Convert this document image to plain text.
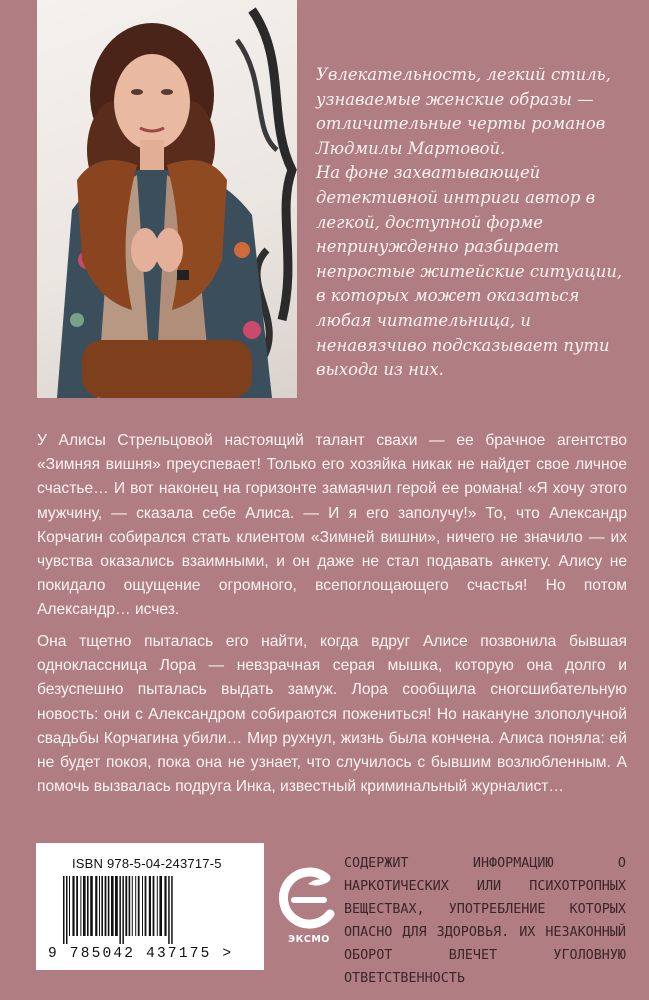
Увлекательность, легкий стиль, узнаваемые женские образы — отличительные черты романов Людмилы Мартовой.

На фоне захватывающей детективной интриги автор в легкой, доступной форме непринужденно разбирает непростые житейские ситуации, в которых может оказаться любая читательница, и ненавязчиво подсказывает пути выхода из них.

У Алисы Стрельцовой настоящий талант свахи — ее брачное агентство «Зимняя вишня» преуспевает! Только его хозяйка никак не найдет свое личное счастье… И вот наконец на горизонте замаячил герой ее романа! «Я хочу этого мужчину, — сказала себе Алиса. — И я его заполучу!» То, что Александр Корчагин собирался стать клиентом «Зимней вишни», ничего не значило — их чувства оказались взаимными, и он даже не стал подавать анкету. Алису не покидало ощущение огромного, всепоглощающего счастья! Но потом Александр… исчез.

Она тщетно пыталась его найти, когда вдруг Алисе позвонила бывшая одноклассница Лора — невзрачная серая мышка, которую она долго и безуспешно пыталась выдать замуж. Лора сообщила сногсшибательную новость: они с Александром собираются пожениться! Но накануне злополучной свадьбы Корчагина убили… Мир рухнул, жизнь была кончена. Алиса поняла: ей не будет покоя, пока она не узнает, что случилось с бывшим возлюбленным. А помочь вызвалась подруга Инка, известный криминальный журналист…

ISBN 978-5-04-243717-5
9 785042 437175 >
ЭКСМО

СОДЕРЖИТ ИНФОРМАЦИЮ О НАРКОТИЧЕСКИХ ИЛИ ПСИХОТРОПНЫХ ВЕЩЕСТВАХ, УПОТРЕБЛЕНИЕ КОТОРЫХ ОПАСНО ДЛЯ ЗДОРОВЬЯ. ИХ НЕЗАКОННЫЙ ОБОРОТ ВЛЕЧЕТ УГОЛОВНУЮ ОТВЕТСТВЕННОСТЬ
